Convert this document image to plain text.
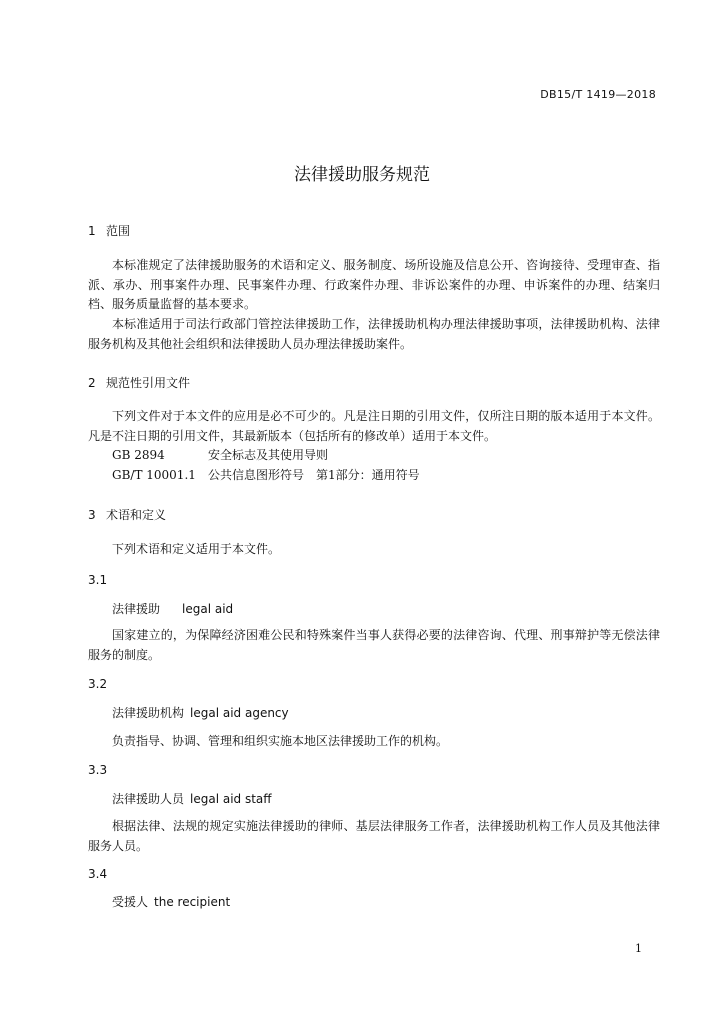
DB15/T 1419—2018
法律援助服务规范
1 范围
本标准规定了法律援助服务的术语和定义、服务制度、场所设施及信息公开、咨询接待、受理审查、指派、承办、刑事案件办理、民事案件办理、行政案件办理、非诉讼案件的办理、申诉案件的办理、结案归档、服务质量监督的基本要求。
本标准适用于司法行政部门管控法律援助工作，法律援助机构办理法律援助事项，法律援助机构、法律服务机构及其他社会组织和法律援助人员办理法律援助案件。
2 规范性引用文件
下列文件对于本文件的应用是必不可少的。凡是注日期的引用文件，仅所注日期的版本适用于本文件。凡是不注日期的引用文件，其最新版本（包括所有的修改单）适用于本文件。
GB 2894	安全标志及其使用导则
GB/T 10001.1 公共信息图形符号　第1部分：通用符号
3 术语和定义
下列术语和定义适用于本文件。
3.1
法律援助 legal aid
国家建立的，为保障经济困难公民和特殊案件当事人获得必要的法律咨询、代理、刑事辩护等无偿法律服务的制度。
3.2
法律援助机构 legal aid agency
负责指导、协调、管理和组织实施本地区法律援助工作的机构。
3.3
法律援助人员 legal aid staff
根据法律、法规的规定实施法律援助的律师、基层法律服务工作者，法律援助机构工作人员及其他法律服务人员。
3.4
受援人 the recipient
1
